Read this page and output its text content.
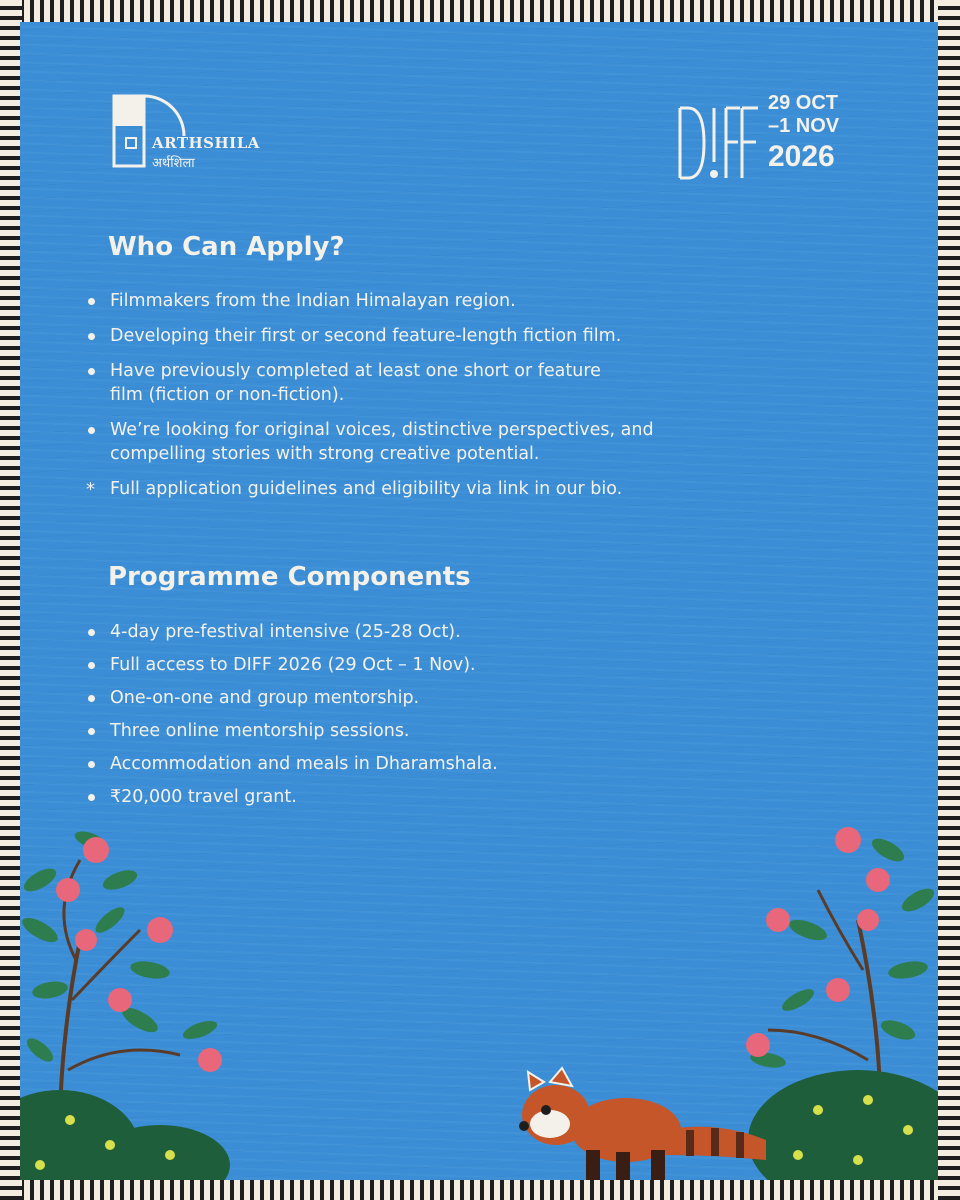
ARTHSHILA
अर्थशिला
29 OCT
–1 NOV
2026
Who Can Apply?
Filmmakers from the Indian Himalayan region.
Developing their first or second feature-length fiction film.
Have previously completed at least one short or feature film (fiction or non-fiction).
We’re looking for original voices, distinctive perspectives, and compelling stories with strong creative potential.
* Full application guidelines and eligibility via link in our bio.
Programme Components
4-day pre-festival intensive (25-28 Oct).
Full access to DIFF 2026 (29 Oct – 1 Nov).
One-on-one and group mentorship.
Three online mentorship sessions.
Accommodation and meals in Dharamshala.
₹20,000 travel grant.
